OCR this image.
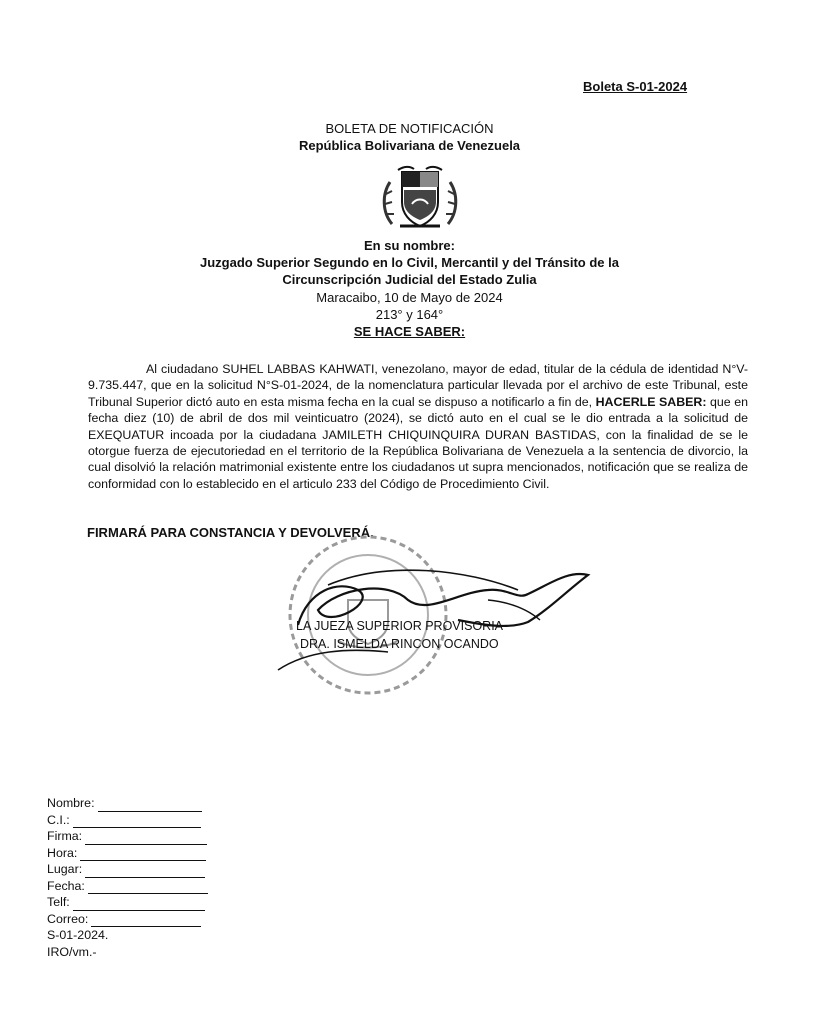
Boleta S-01-2024
BOLETA DE NOTIFICACIÓN
República Bolivariana de Venezuela
En su nombre:
Juzgado Superior Segundo en lo Civil, Mercantil y del Tránsito de la
Circunscripción Judicial del Estado Zulia
Maracaibo, 10 de Mayo de 2024
213° y 164°
SE HACE SABER:
Al ciudadano SUHEL LABBAS KAHWATI, venezolano, mayor de edad, titular de la cédula de identidad N°V-9.735.447, que en la solicitud N°S-01-2024, de la nomenclatura particular llevada por el archivo de este Tribunal, este Tribunal Superior dictó auto en esta misma fecha en la cual se dispuso a notificarlo a fin de, HACERLE SABER: que en fecha diez (10) de abril de dos mil veinticuatro (2024), se dictó auto en el cual se le dio entrada a la solicitud de EXEQUATUR incoada por la ciudadana JAMILETH CHIQUINQUIRA DURAN BASTIDAS, con la finalidad de se le otorgue fuerza de ejecutoriedad en el territorio de la República Bolivariana de Venezuela a la sentencia de divorcio, la cual disolvió la relación matrimonial existente entre los ciudadanos ut supra mencionados, notificación que se realiza de conformidad con lo establecido en el articulo 233 del Código de Procedimiento Civil.
FIRMARÁ PARA CONSTANCIA Y DEVOLVERÁ.
LA JUEZA SUPERIOR PROVISORIA
DRA. ISMELDA RINCON OCANDO
Nombre:
C.I.:
Firma:
Hora:
Lugar:
Fecha:
Telf:
Correo:
S-01-2024.
IRO/vm.-
